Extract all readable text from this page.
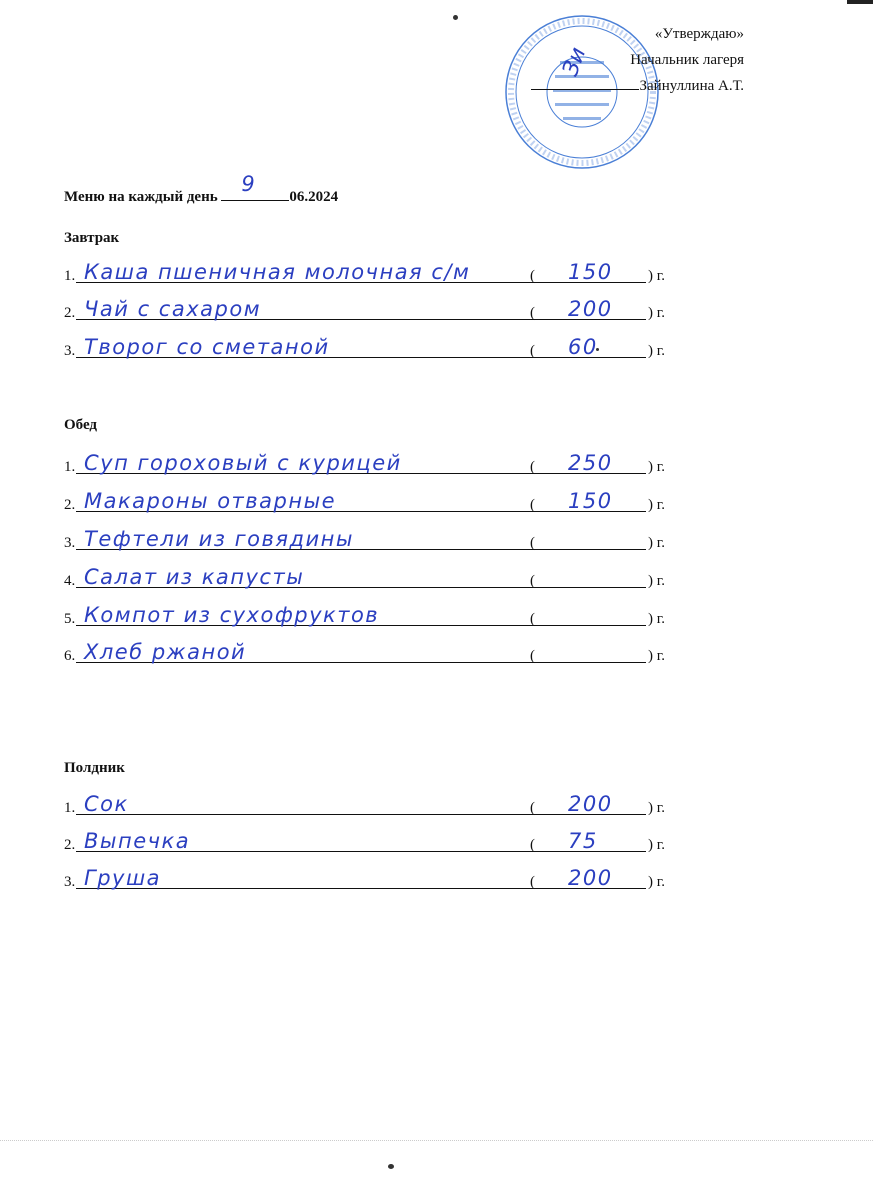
«Утверждаю»
Начальник лагеря
Зи
Зайнуллина А.Т.
Меню на каждый день
9
06.2024
Завтрак
1. Каша пшеничная молочная с/м	( 150 ) г.
2. Чай с сахаром	( 200 ) г.
3. Творог со сметаной	( 60	) г.
Обед
1. Суп гороховый с курицей	( 250 ) г.
2. Макароны отварные	( 150 ) г.
3. Тефтели из говядины	(	) г.
4. Салат из капусты	(	) г.
5. Компот из сухофруктов	(	) г.
6. Хлеб ржаной	(	) г.
Полдник
1. Сок	( 200 ) г.
2. Выпечка	( 75	) г.
3. Груша	( 200 ) г.
